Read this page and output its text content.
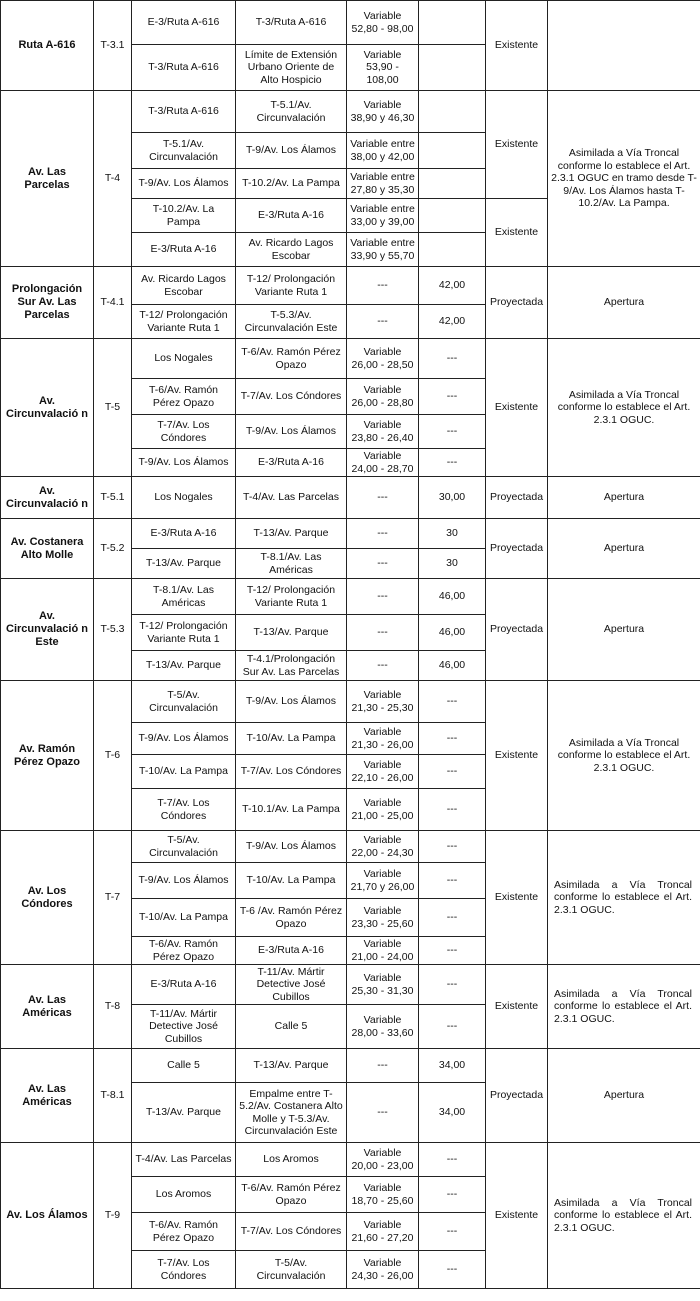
Ruta A-616	T-3.1	E-3/Ruta A-616	T-3/Ruta A-616	Variable 52,80 - 98,00		Existente	
		T-3/Ruta A-616	Límite de Extensión Urbano Oriente de Alto Hospicio	Variable 53,90 - 108,00			
Av. Las Parcelas	T-4	T-3/Ruta A-616	T-5.1/Av. Circunvalación	Variable 38,90 y 46,30		Existente	Asimilada a Vía Troncal conforme lo establece el Art. 2.3.1 OGUC en tramo desde T-9/Av. Los Álamos hasta T-10.2/Av. La Pampa.
		T-5.1/Av. Circunvalación	T-9/Av. Los Álamos	Variable entre 38,00 y 42,00			
		T-9/Av. Los Álamos	T-10.2/Av. La Pampa	Variable entre 27,80 y 35,30			
		T-10.2/Av. La Pampa	E-3/Ruta A-16	Variable entre 33,00 y 39,00		Existente	
		E-3/Ruta A-16	Av. Ricardo Lagos Escobar	Variable entre 33,90 y 55,70			
Prolongación Sur Av. Las Parcelas	T-4.1	Av. Ricardo Lagos Escobar	T-12/ Prolongación Variante Ruta 1	---	42,00	Proyectada	Apertura
		T-12/ Prolongación Variante Ruta 1	T-5.3/Av. Circunvalación Este	---	42,00		
Av. Circunvalació n	T-5	Los Nogales	T-6/Av. Ramón Pérez Opazo	Variable 26,00 - 28,50	---	Existente	Asimilada a Vía Troncal conforme lo establece el Art. 2.3.1 OGUC.
		T-6/Av. Ramón Pérez Opazo	T-7/Av. Los Cóndores	Variable 26,00 - 28,80	---		
		T-7/Av. Los Cóndores	T-9/Av. Los Álamos	Variable 23,80 - 26,40	---		
		T-9/Av. Los Álamos	E-3/Ruta A-16	Variable 24,00 - 28,70	---		
Av. Circunvalació n	T-5.1	Los Nogales	T-4/Av. Las Parcelas	---	30,00	Proyectada	Apertura
Av. Costanera Alto Molle	T-5.2	E-3/Ruta A-16	T-13/Av. Parque	---	30	Proyectada	Apertura
		T-13/Av. Parque	T-8.1/Av. Las Américas	---	30		
Av. Circunvalació n Este	T-5.3	T-8.1/Av. Las Américas	T-12/ Prolongación Variante Ruta 1	---	46,00	Proyectada	Apertura
		T-12/ Prolongación Variante Ruta 1	T-13/Av. Parque	---	46,00		
		T-13/Av. Parque	T-4.1/Prolongación Sur Av. Las Parcelas	---	46,00		
Av. Ramón Pérez Opazo	T-6	T-5/Av. Circunvalación	T-9/Av. Los Álamos	Variable 21,30 - 25,30	---	Existente	Asimilada a Vía Troncal conforme lo establece el Art. 2.3.1 OGUC.
		T-9/Av. Los Álamos	T-10/Av. La Pampa	Variable 21,30 - 26,00	---		
		T-10/Av. La Pampa	T-7/Av. Los Cóndores	Variable 22,10 - 26,00	---		
		T-7/Av. Los Cóndores	T-10.1/Av. La Pampa	Variable 21,00 - 25,00	---		
Av. Los Cóndores	T-7	T-5/Av. Circunvalación	T-9/Av. Los Álamos	Variable 22,00 - 24,30	---	Existente	Asimilada a Vía Troncal conforme lo establece el Art. 2.3.1 OGUC.
		T-9/Av. Los Álamos	T-10/Av. La Pampa	Variable 21,70 y 26,00	---		
		T-10/Av. La Pampa	T-6 /Av. Ramón Pérez Opazo	Variable 23,30 - 25,60	---		
		T-6/Av. Ramón Pérez Opazo	E-3/Ruta A-16	Variable 21,00 - 24,00	---		
Av. Las Américas	T-8	E-3/Ruta A-16	T-11/Av. Mártir Detective José Cubillos	Variable 25,30 - 31,30	---	Existente	Asimilada a Vía Troncal conforme lo establece el Art. 2.3.1 OGUC.
		T-11/Av. Mártir Detective José Cubillos	Calle 5	Variable 28,00 - 33,60	---		
Av. Las Américas	T-8.1	Calle 5	T-13/Av. Parque	---	34,00	Proyectada	Apertura
		T-13/Av. Parque	Empalme entre T-5.2/Av. Costanera Alto Molle y T-5.3/Av. Circunvalación Este	---	34,00		
Av. Los Álamos	T-9	T-4/Av. Las Parcelas	Los Aromos	Variable 20,00 - 23,00	---	Existente	Asimilada a Vía Troncal conforme lo establece el Art. 2.3.1 OGUC.
		Los Aromos	T-6/Av. Ramón Pérez Opazo	Variable 18,70 - 25,60	---		
		T-6/Av. Ramón Pérez Opazo	T-7/Av. Los Cóndores	Variable 21,60 - 27,20	---		
		T-7/Av. Los Cóndores	T-5/Av. Circunvalación	Variable 24,30 - 26,00	---		
